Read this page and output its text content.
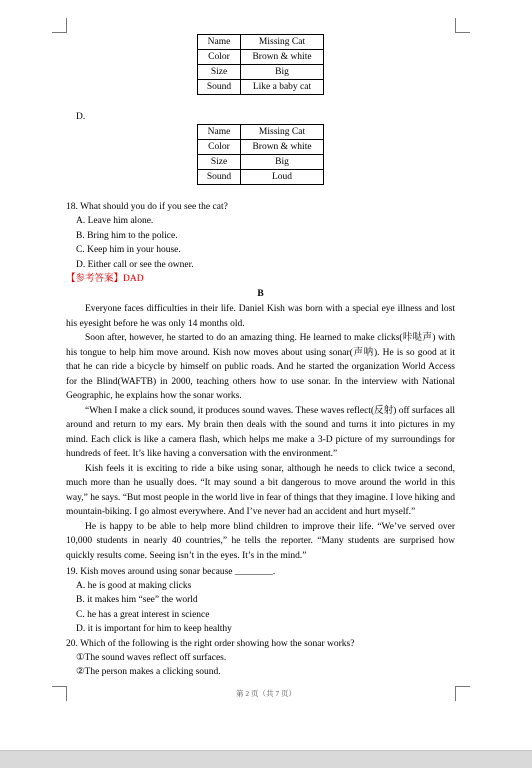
Name	Missing Cat
Color	Brown & white
Size	Big
Sound	Like a baby cat
D.
Name	Missing Cat
Color	Brown & white
Size	Big
Sound	Loud
18. What should you do if you see the cat?
A. Leave him alone.
B. Bring him to the police.
C. Keep him in your house.
D. Either call or see the owner.
【参考答案】DAD
B

Everyone faces difficulties in their life. Daniel Kish was born with a special eye illness and lost his eyesight before he was only 14 months old.

Soon after, however, he started to do an amazing thing. He learned to make clicks(咔哒声) with his tongue to help him move around. Kish now moves about using sonar(声呐). He is so good at it that he can ride a bicycle by himself on public roads. And he started the organization World Access for the Blind(WAFTB) in 2000, teaching others how to use sonar. In the interview with National Geographic, he explains how the sonar works.

“When I make a click sound, it produces sound waves. These waves reflect(反射) off surfaces all around and return to my ears. My brain then deals with the sound and turns it into pictures in my mind. Each click is like a camera flash, which helps me make a 3-D picture of my surroundings for hundreds of feet. It’s like having a conversation with the environment.”

Kish feels it is exciting to ride a bike using sonar, although he needs to click twice a second, much more than he usually does. “It may sound a bit dangerous to move around the world in this way,” he says. “But most people in the world live in fear of things that they imagine. I love hiking and mountain-biking. I go almost everywhere. And I’ve never had an accident and hurt myself.”

He is happy to be able to help more blind children to improve their life. “We’ve served over 10,000 students in nearly 40 countries,” he tells the reporter. “Many students are surprised how quickly results come. Seeing isn’t in the eyes. It’s in the mind.”

19. Kish moves around using sonar because ________.
A. he is good at making clicks
B. it makes him “see” the world
C. he has a great interest in science
D. it is important for him to keep healthy
20. Which of the following is the right order showing how the sonar works?
①The sound waves reflect off surfaces.
②The person makes a clicking sound.
第 2 页（共 7 页）
